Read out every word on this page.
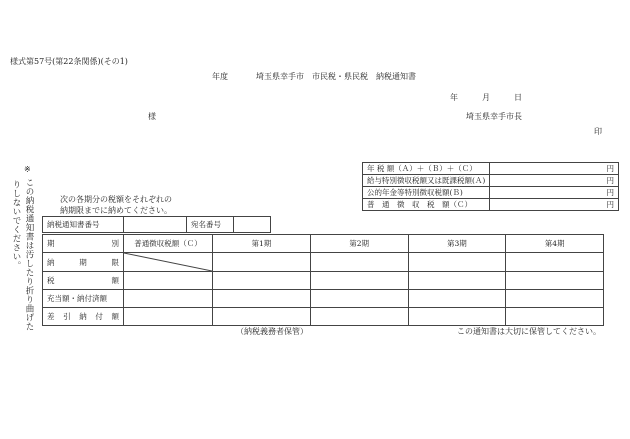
様式第57号(第22条関係)(その1)
年度	埼玉県幸手市　市民税・県民税　納税通知書
年	月	日
様	埼玉県幸手市長
印
※
この納税通知書は汚したり折り曲げた
りしないでください。	次の各期分の税額をそれぞれの
納期限までに納めてください。
年 税 額（Ａ）＋（Ｂ）＋（Ｃ）	円
給与特別徴収税額又は既課税額(Ａ)	円
公的年金等特別徴収税額(Ｂ)	円
普　通　徴　収　税　額（Ｃ）	円
納税通知書番号		宛名番号	
期 別	普通徴収税額（Ｃ）	第1期	第2期	第3期	第4期
納　期　限	

税　　額					
充当額・納付済額					
差 引 納 付 額					
（納税義務者保管）	この通知書は大切に保管してください。
